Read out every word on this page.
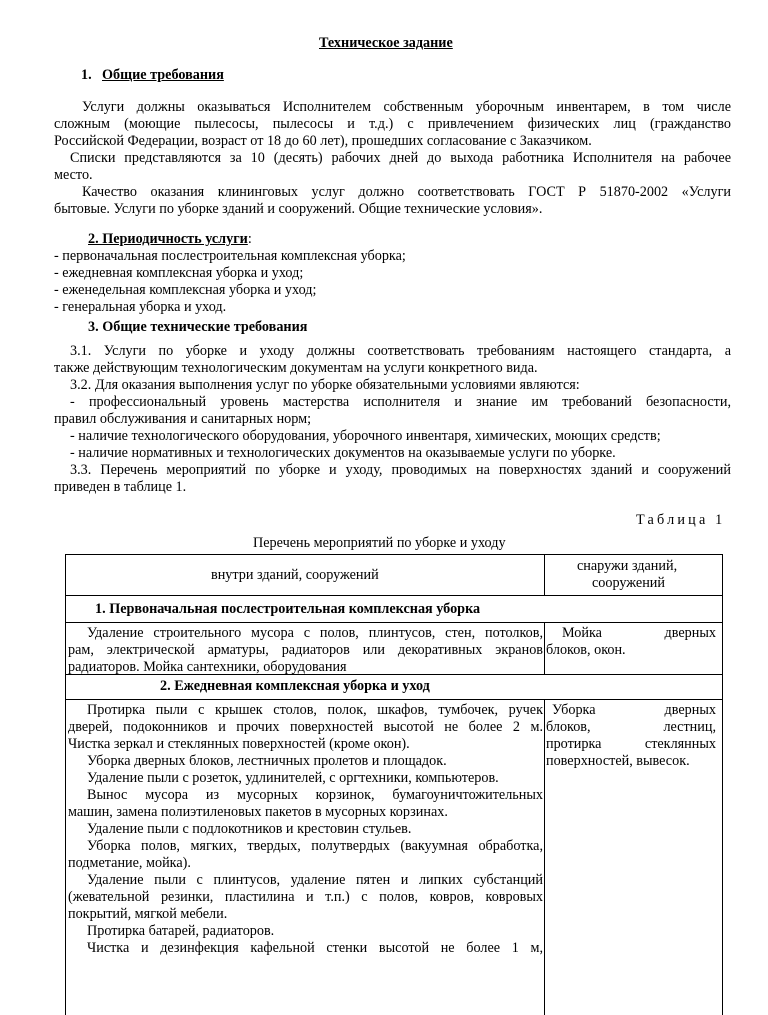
Техническое задание
1. Общие требования
Услуги должны оказываться Исполнителем собственным уборочным инвентарем, в том числе
сложным (моющие пылесосы, пылесосы и т.д.) с привлечением физических лиц (гражданство
Российской Федерации, возраст от 18 до 60 лет), прошедших согласование с Заказчиком.
Списки представляются за 10 (десять) рабочих дней до выхода работника Исполнителя на рабочее
место.
Качество оказания клининговых услуг должно соответствовать ГОСТ Р 51870-2002 «Услуги
бытовые. Услуги по уборке зданий и сооружений. Общие технические условия».
2. Периодичность услуги:
- первоначальная послестроительная комплексная уборка;
- ежедневная комплексная уборка и уход;
- еженедельная комплексная уборка и уход;
- генеральная уборка и уход.
3. Общие технические требования
3.1. Услуги по уборке и уходу должны соответствовать требованиям настоящего стандарта, а
также действующим технологическим документам на услуги конкретного вида.
3.2. Для оказания выполнения услуг по уборке обязательными условиями являются:
- профессиональный уровень мастерства исполнителя и знание им требований безопасности,
правил обслуживания и санитарных норм;
- наличие технологического оборудования, уборочного инвентаря, химических, моющих средств;
- наличие нормативных и технологических документов на оказываемые услуги по уборке.
3.3. Перечень мероприятий по уборке и уходу, проводимых на поверхностях зданий и сооружений
приведен в таблице 1.
Таблица 1
Перечень мероприятий по уборке и уходу
внутри зданий, сооружений
снаружи зданий,
сооружений
1. Первоначальная послестроительная комплексная уборка
Удаление строительного мусора с полов, плинтусов, стен, потолков,
рам, электрической арматуры, радиаторов или декоративных экранов
радиаторов. Мойка сантехники, оборудования
Мойка дверных
блоков, окон.
2. Ежедневная комплексная уборка и уход
Протирка пыли с крышек столов, полок, шкафов, тумбочек, ручек
дверей, подоконников и прочих поверхностей высотой не более 2 м.
Чистка зеркал и стеклянных поверхностей (кроме окон).
Уборка дверных блоков, лестничных пролетов и площадок.
Удаление пыли с розеток, удлинителей, с оргтехники, компьютеров.
Вынос мусора из мусорных корзинок, бумагоуничтожительных
машин, замена полиэтиленовых пакетов в мусорных корзинах.
Удаление пыли с подлокотников и крестовин стульев.
Уборка полов, мягких, твердых, полутвердых (вакуумная обработка,
подметание, мойка).
Удаление пыли с плинтусов, удаление пятен и липких субстанций
(жевательной резинки, пластилина и т.п.) с полов, ковров, ковровых
покрытий, мягкой мебели.
Протирка батарей, радиаторов.
Чистка и дезинфекция кафельной стенки высотой не более 1 м,
Уборка дверных
блоков, лестниц,
протирка стеклянных
поверхностей, вывесок.
